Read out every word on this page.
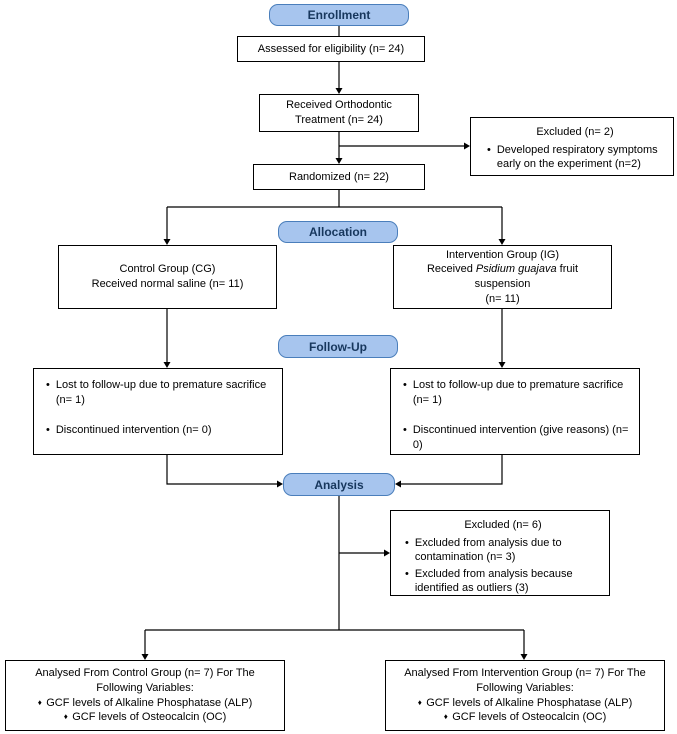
Enrollment
Assessed for eligibility (n= 24)
Received Orthodontic
Treatment (n= 24)
Excluded (n= 2)
• Developed respiratory symptoms early on the experiment (n=2)
Randomized (n= 22)
Allocation
Control Group (CG)
Received normal saline (n= 11)
Intervention Group (IG)
Received Psidium guajava fruit suspension
(n= 11)
Follow-Up
• Lost to follow-up due to premature sacrifice (n= 1)
• Discontinued intervention (n= 0)
• Lost to follow-up due to premature sacrifice (n= 1)
• Discontinued intervention (give reasons) (n= 0)
Analysis
Excluded (n= 6)
• Excluded from analysis due to contamination (n= 3)
• Excluded from analysis because identified as outliers (3)
Analysed From Control Group (n= 7) For The Following Variables:
♦  GCF levels of Alkaline Phosphatase (ALP)
♦  GCF levels of Osteocalcin (OC)
Analysed From Intervention Group (n= 7) For The Following Variables:
♦  GCF levels of Alkaline Phosphatase (ALP)
♦  GCF levels of Osteocalcin (OC)
